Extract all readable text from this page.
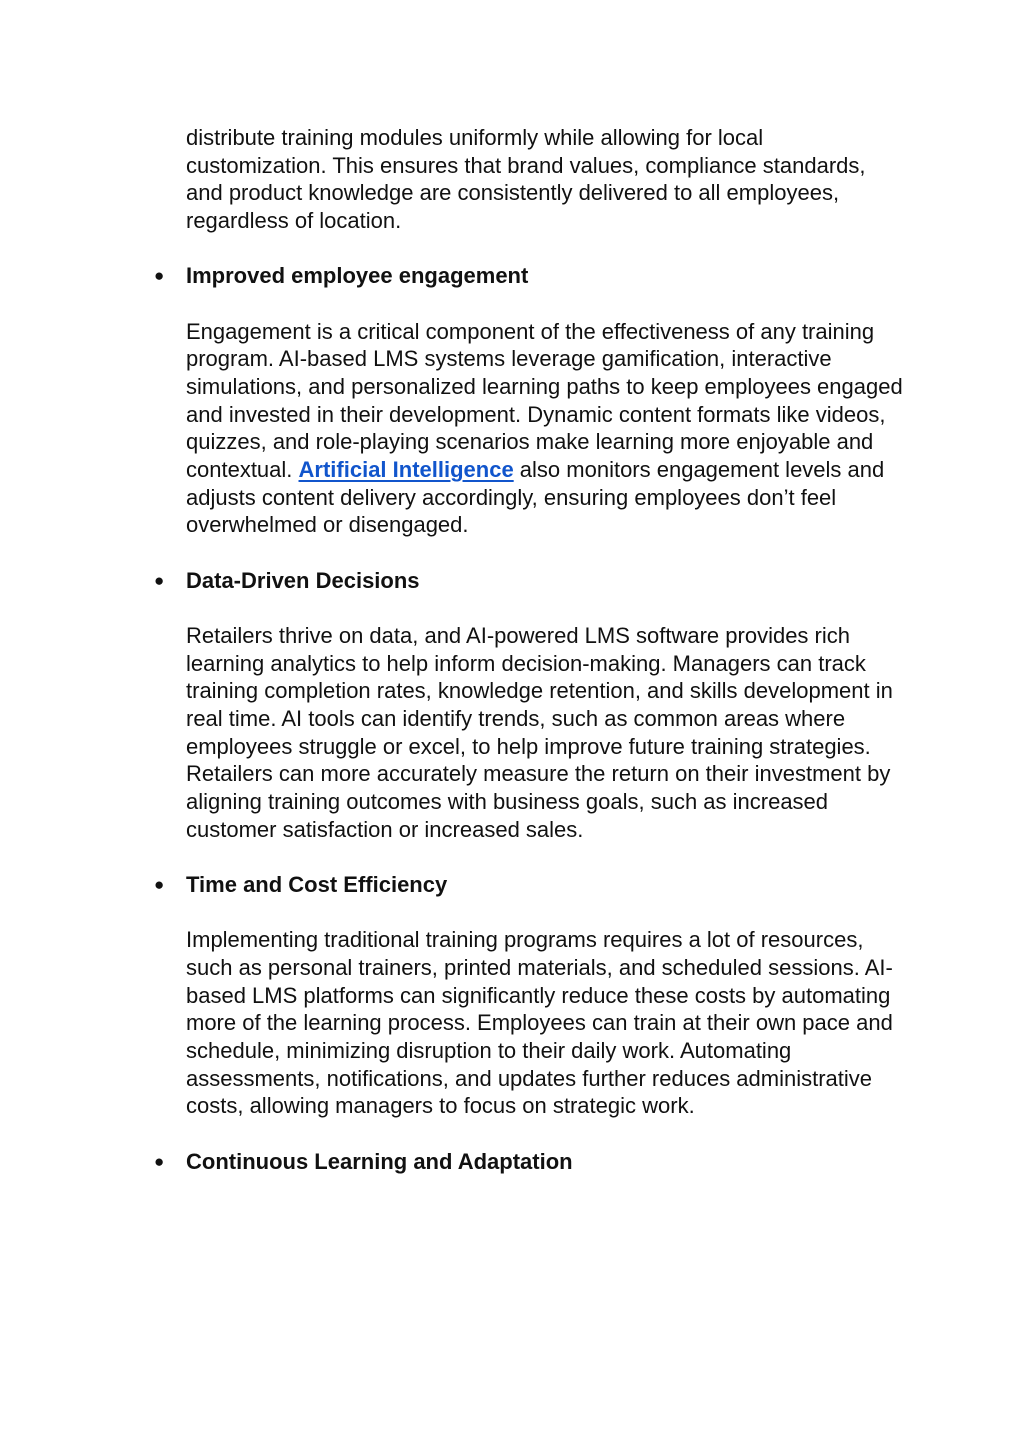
distribute training modules uniformly while allowing for local customization. This ensures that brand values, compliance standards, and product knowledge are consistently delivered to all employees, regardless of location.

● Improved employee engagement

Engagement is a critical component of the effectiveness of any training program. AI-based LMS systems leverage gamification, interactive simulations, and personalized learning paths to keep employees engaged and invested in their development. Dynamic content formats like videos, quizzes, and role-playing scenarios make learning more enjoyable and contextual. Artificial Intelligence also monitors engagement levels and adjusts content delivery accordingly, ensuring employees don’t feel overwhelmed or disengaged.

● Data-Driven Decisions

Retailers thrive on data, and AI-powered LMS software provides rich learning analytics to help inform decision-making. Managers can track training completion rates, knowledge retention, and skills development in real time. AI tools can identify trends, such as common areas where employees struggle or excel, to help improve future training strategies. Retailers can more accurately measure the return on their investment by aligning training outcomes with business goals, such as increased customer satisfaction or increased sales.

● Time and Cost Efficiency

Implementing traditional training programs requires a lot of resources, such as personal trainers, printed materials, and scheduled sessions. AI-based LMS platforms can significantly reduce these costs by automating more of the learning process. Employees can train at their own pace and schedule, minimizing disruption to their daily work. Automating assessments, notifications, and updates further reduces administrative costs, allowing managers to focus on strategic work.

● Continuous Learning and Adaptation
